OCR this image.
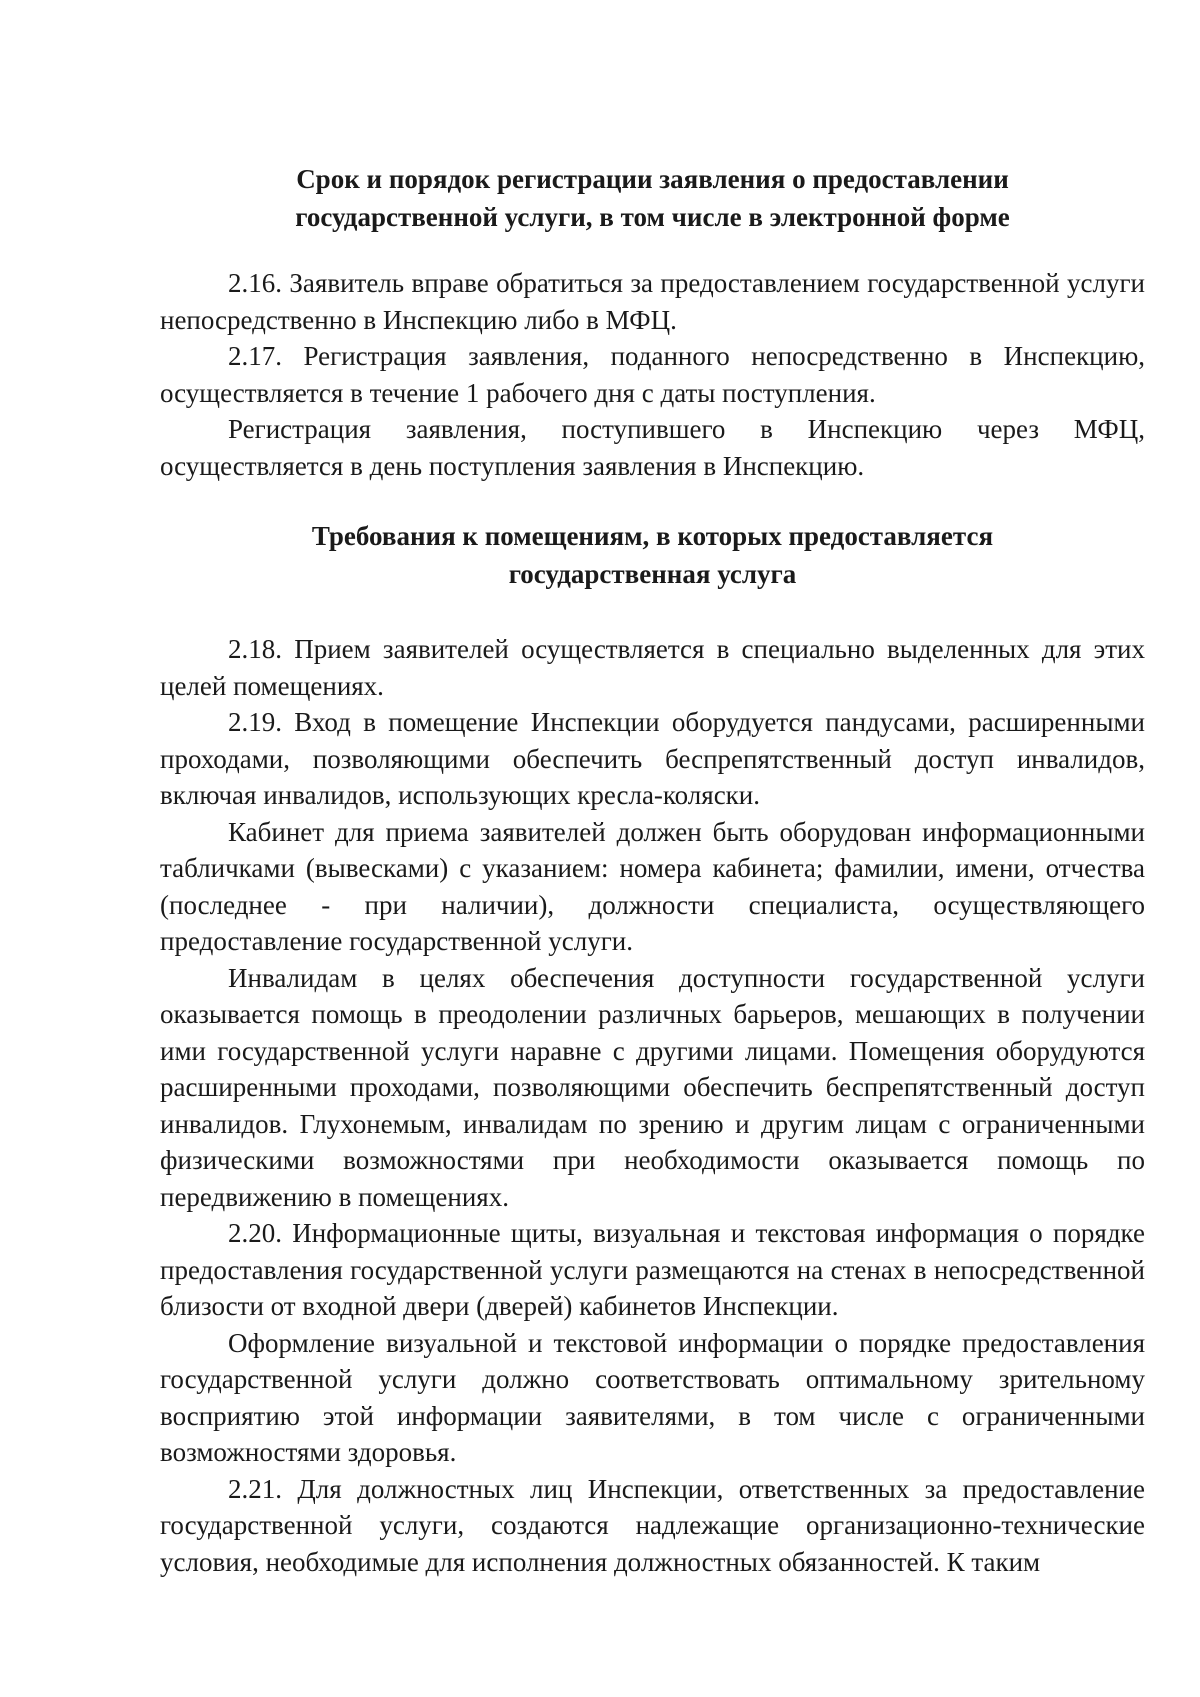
Срок и порядок регистрации заявления о предоставлении
государственной услуги, в том числе в электронной форме

2.16. Заявитель вправе обратиться за предоставлением государственной услуги непосредственно в Инспекцию либо в МФЦ.

2.17. Регистрация заявления, поданного непосредственно в Инспекцию, осуществляется в течение 1 рабочего дня с даты поступления.

Регистрация заявления, поступившего в Инспекцию через МФЦ, осуществляется в день поступления заявления в Инспекцию.

Требования к помещениям, в которых предоставляется
государственная услуга

2.18. Прием заявителей осуществляется в специально выделенных для этих целей помещениях.

2.19. Вход в помещение Инспекции оборудуется пандусами, расширенными проходами, позволяющими обеспечить беспрепятственный доступ инвалидов, включая инвалидов, использующих кресла-коляски.

Кабинет для приема заявителей должен быть оборудован информационными табличками (вывесками) с указанием: номера кабинета; фамилии, имени, отчества (последнее - при наличии), должности специалиста, осуществляющего предоставление государственной услуги.

Инвалидам в целях обеспечения доступности государственной услуги оказывается помощь в преодолении различных барьеров, мешающих в получении ими государственной услуги наравне с другими лицами. Помещения оборудуются расширенными проходами, позволяющими обеспечить беспрепятственный доступ инвалидов. Глухонемым, инвалидам по зрению и другим лицам с ограниченными физическими возможностями при необходимости оказывается помощь по передвижению в помещениях.

2.20. Информационные щиты, визуальная и текстовая информация о порядке предоставления государственной услуги размещаются на стенах в непосредственной близости от входной двери (дверей) кабинетов Инспекции.

Оформление визуальной и текстовой информации о порядке предоставления государственной услуги должно соответствовать оптимальному зрительному восприятию этой информации заявителями, в том числе с ограниченными возможностями здоровья.

2.21. Для должностных лиц Инспекции, ответственных за предоставление государственной услуги, создаются надлежащие организационно-технические условия, необходимые для исполнения должностных обязанностей. К таким
